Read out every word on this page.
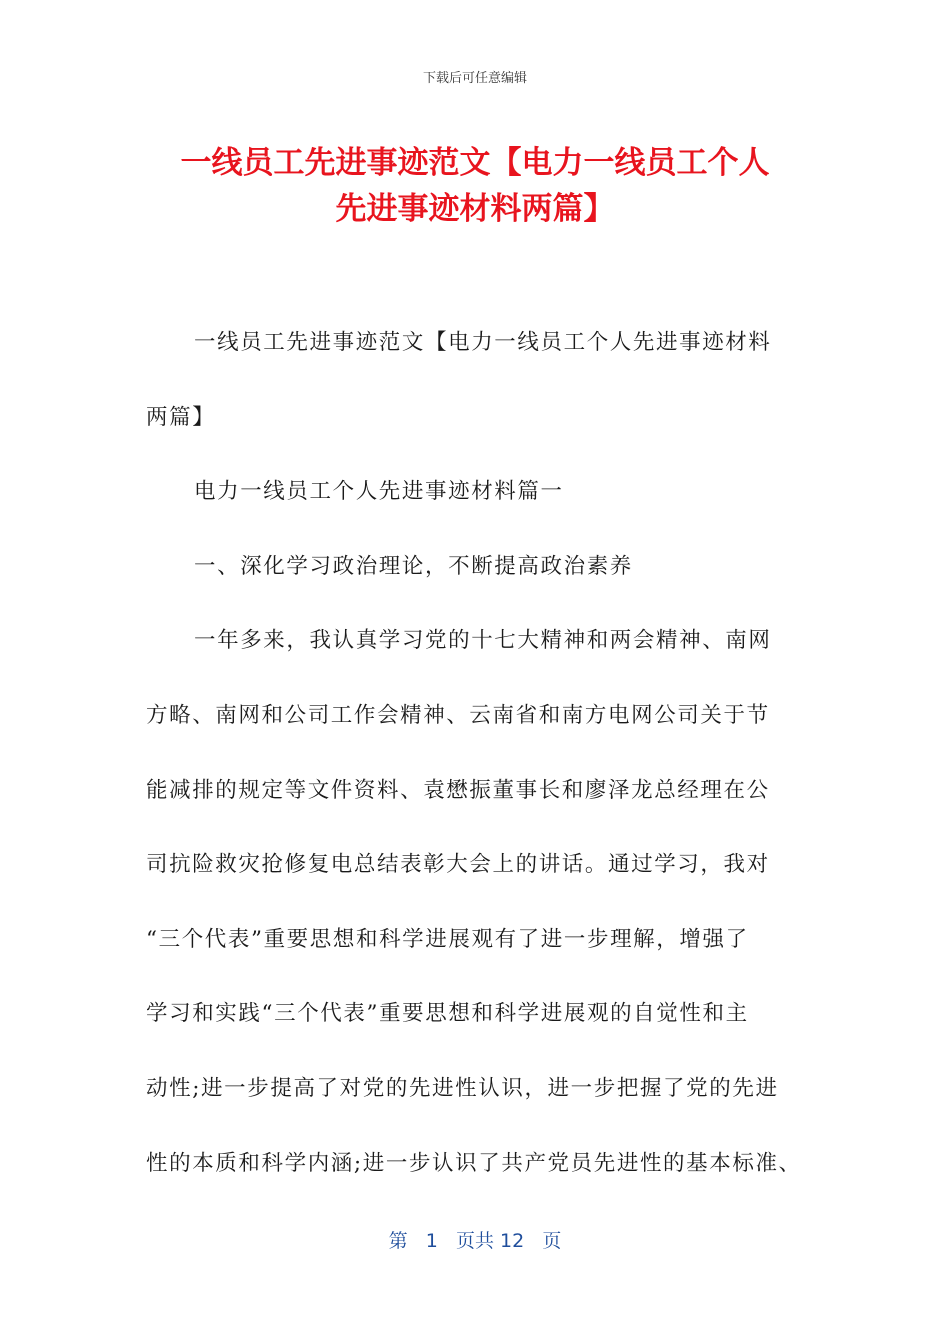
下载后可任意编辑
一线员工先进事迹范文【电力一线员工个人
先进事迹材料两篇】
一线员工先进事迹范文【电力一线员工个人先进事迹材料
两篇】
电力一线员工个人先进事迹材料篇一
一、深化学习政治理论，不断提高政治素养
一年多来，我认真学习党的十七大精神和两会精神、南网
方略、南网和公司工作会精神、云南省和南方电网公司关于节
能减排的规定等文件资料、袁懋振董事长和廖泽龙总经理在公
司抗险救灾抢修复电总结表彰大会上的讲话。通过学习，我对
“三个代表”重要思想和科学进展观有了进一步理解，增强了
学习和实践“三个代表”重要思想和科学进展观的自觉性和主
动性;进一步提高了对党的先进性认识，进一步把握了党的先进
性的本质和科学内涵;进一步认识了共产党员先进性的基本标准、
第 1 页共 12 页
